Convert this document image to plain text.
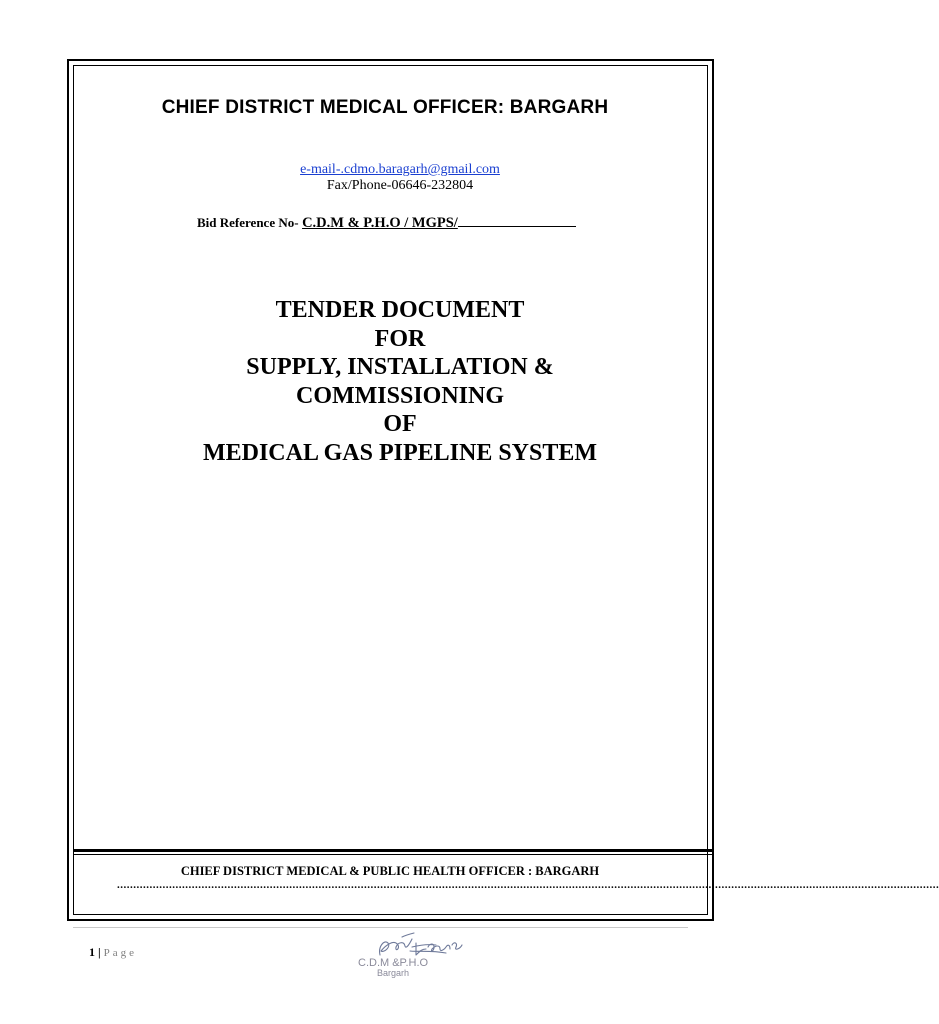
CHIEF DISTRICT MEDICAL OFFICER: BARGARH
e-mail-.cdmo.baragarh@gmail.com
Fax/Phone-06646-232804
Bid Reference No- C.D.M & P.H.O / MGPS/
TENDER DOCUMENT
FOR
SUPPLY, INSTALLATION &
COMMISSIONING
OF
MEDICAL GAS PIPELINE SYSTEM
CHIEF DISTRICT MEDICAL & PUBLIC HEALTH OFFICER : BARGARH
.............................................................................................................................................................................................................................................................
1 | Page
C.D.M &P.H.O
Bargarh
